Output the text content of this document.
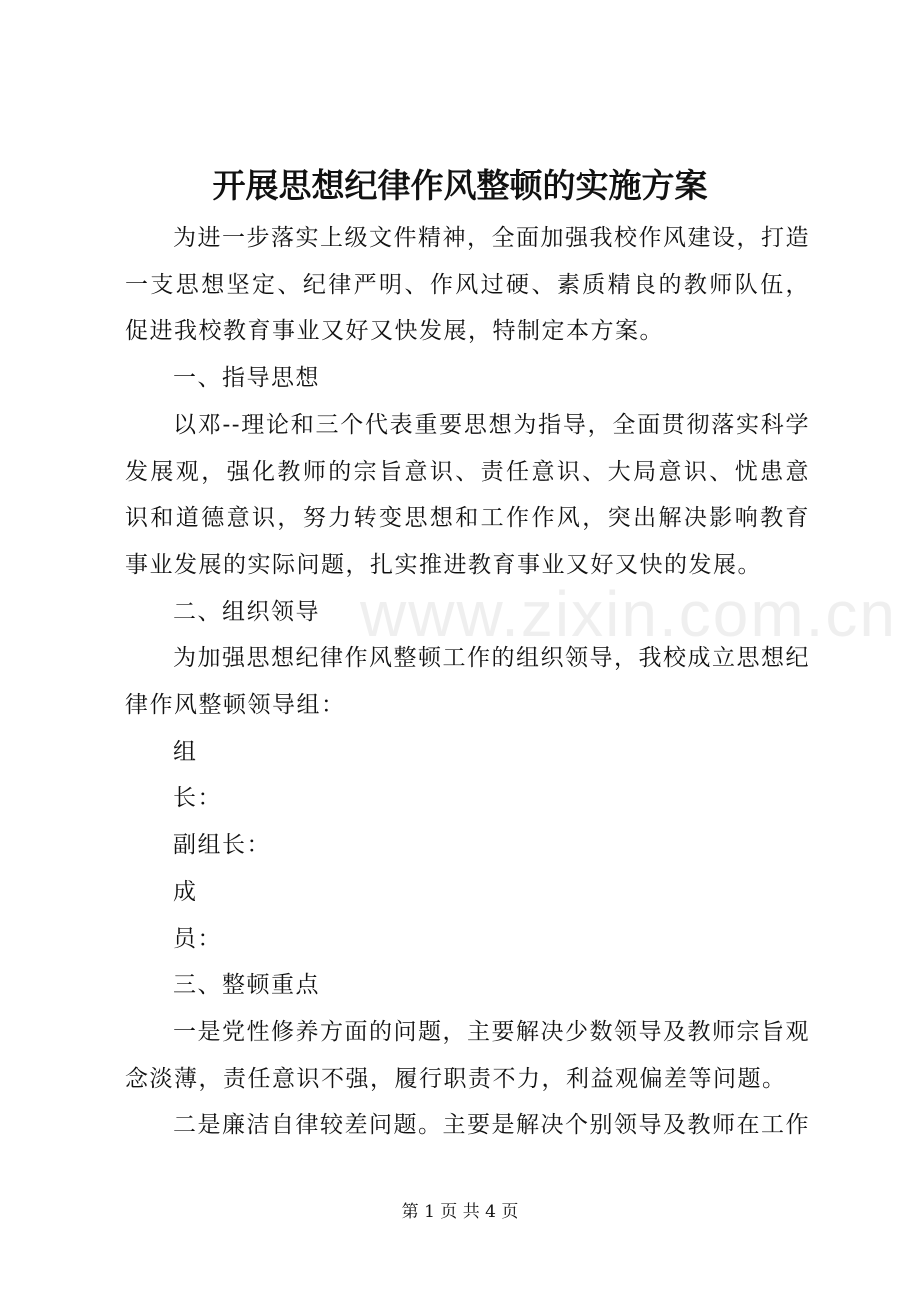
www.zixin.com.cn
开展思想纪律作风整顿的实施方案

为进一步落实上级文件精神，全面加强我校作风建设，打造一支思想坚定、纪律严明、作风过硬、素质精良的教师队伍，促进我校教育事业又好又快发展，特制定本方案。

一、指导思想

以邓--理论和三个代表重要思想为指导，全面贯彻落实科学发展观，强化教师的宗旨意识、责任意识、大局意识、忧患意识和道德意识，努力转变思想和工作作风，突出解决影响教育事业发展的实际问题，扎实推进教育事业又好又快的发展。

二、组织领导

为加强思想纪律作风整顿工作的组织领导，我校成立思想纪律作风整顿领导组：

组

长：

副组长：

成

员：

三、整顿重点

一是党性修养方面的问题，主要解决少数领导及教师宗旨观念淡薄，责任意识不强，履行职责不力，利益观偏差等问题。

二是廉洁自律较差问题。主要是解决个别领导及教师在工作

第 1 页 共 4 页
